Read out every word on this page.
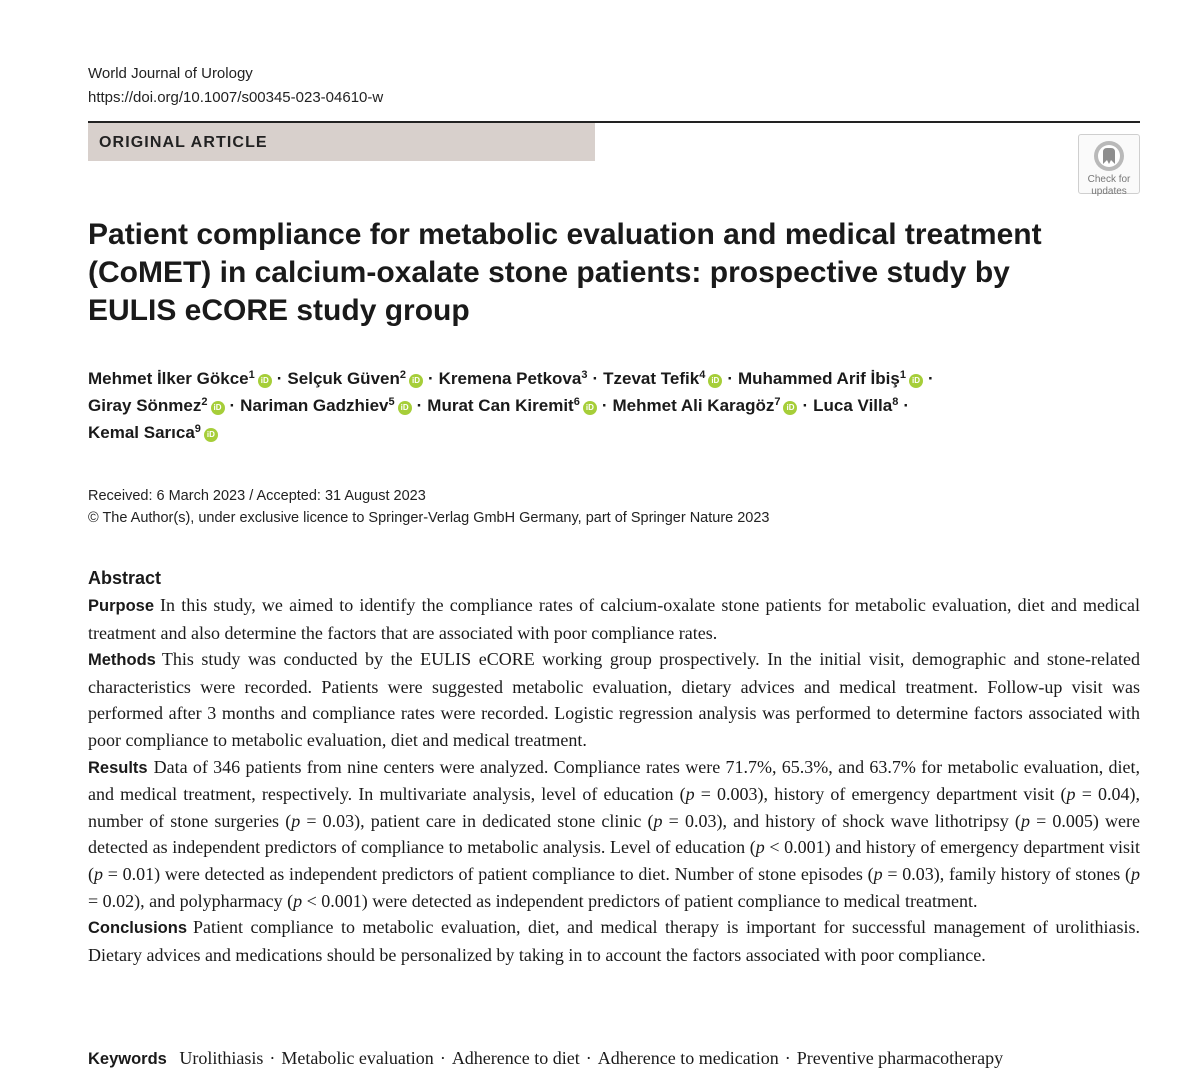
World Journal of Urology
https://doi.org/10.1007/s00345-023-04610-w
ORIGINAL ARTICLE
Check for
updates
Patient compliance for metabolic evaluation and medical treatment (CoMET) in calcium-oxalate stone patients: prospective study by EULIS eCORE study group
Mehmet İlker Gökce$^1$ iD · Selçuk Güven$^2$ iD · Kremena Petkova$^3$ · Tzevat Tefik$^4$ iD · Muhammed Arif İbiş$^1$ iD ·
Giray Sönmez$^2$ iD · Nariman Gadzhiev$^5$ iD · Murat Can Kiremit$^6$ iD · Mehmet Ali Karagöz$^7$ iD · Luca Villa$^8$ ·
Kemal Sarıca$^9$ iD
Received: 6 March 2023 / Accepted: 31 August 2023
© The Author(s), under exclusive licence to Springer-Verlag GmbH Germany, part of Springer Nature 2023
Abstract
Purpose In this study, we aimed to identify the compliance rates of calcium-oxalate stone patients for metabolic evaluation, diet and medical treatment and also determine the factors that are associated with poor compliance rates.
Methods This study was conducted by the EULIS eCORE working group prospectively. In the initial visit, demographic and stone-related characteristics were recorded. Patients were suggested metabolic evaluation, dietary advices and medical treatment. Follow-up visit was performed after 3 months and compliance rates were recorded. Logistic regression analysis was performed to determine factors associated with poor compliance to metabolic evaluation, diet and medical treatment.
Results Data of 346 patients from nine centers were analyzed. Compliance rates were 71.7%, 65.3%, and 63.7% for metabolic evaluation, diet, and medical treatment, respectively. In multivariate analysis, level of education (p = 0.003), history of emergency department visit (p = 0.04), number of stone surgeries (p = 0.03), patient care in dedicated stone clinic (p = 0.03), and history of shock wave lithotripsy (p = 0.005) were detected as independent predictors of compliance to metabolic analysis. Level of education (p < 0.001) and history of emergency department visit (p = 0.01) were detected as independent predictors of patient compliance to diet. Number of stone episodes (p = 0.03), family history of stones (p = 0.02), and polypharmacy (p < 0.001) were detected as independent predictors of patient compliance to medical treatment.
Conclusions Patient compliance to metabolic evaluation, diet, and medical therapy is important for successful management of urolithiasis. Dietary advices and medications should be personalized by taking in to account the factors associated with poor compliance.
Keywords Urolithiasis · Metabolic evaluation · Adherence to diet · Adherence to medication · Preventive pharmacotherapy
